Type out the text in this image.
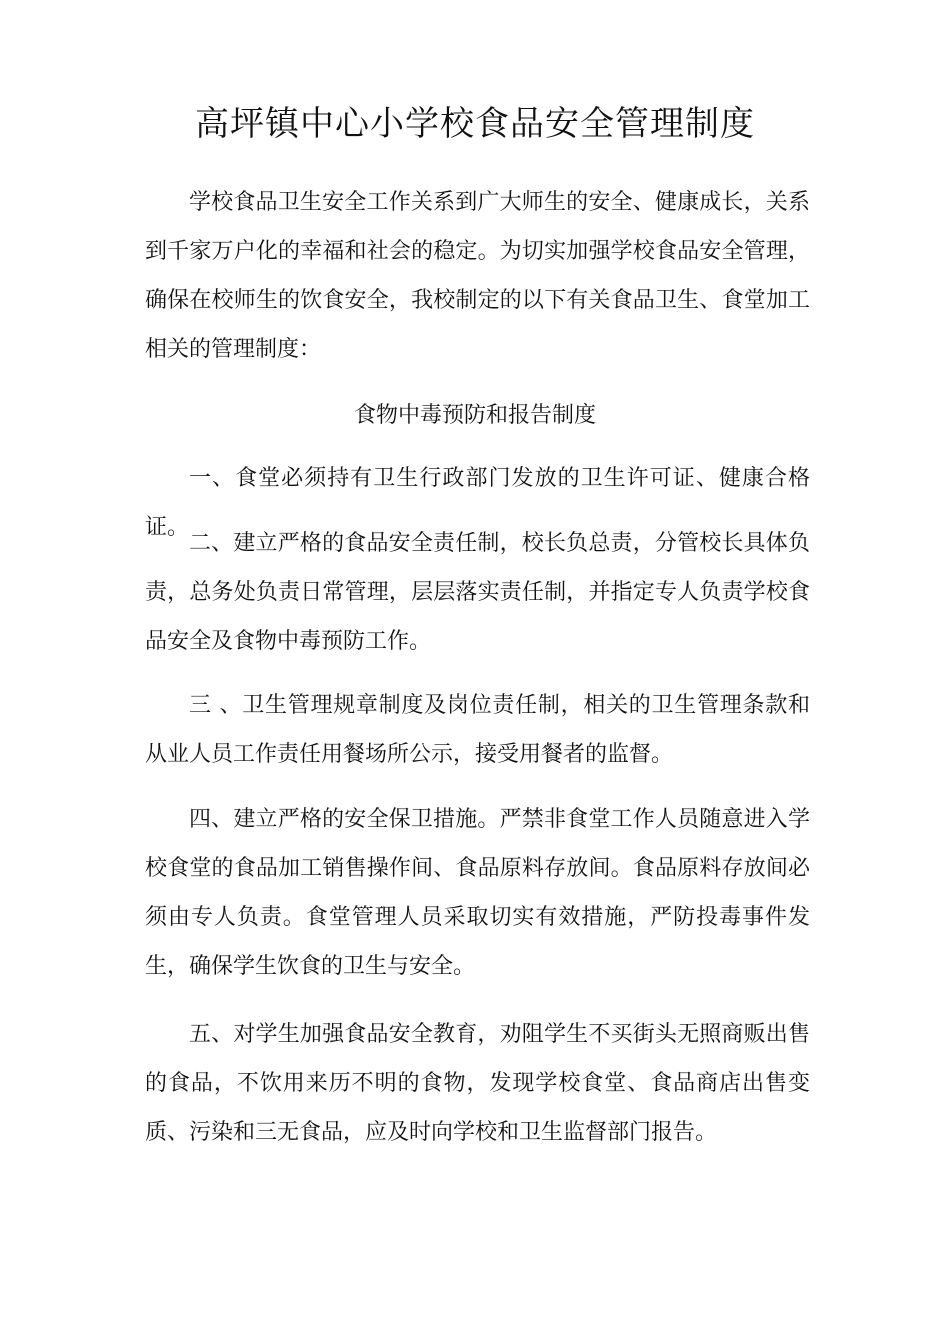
高坪镇中心小学校食品安全管理制度
学校食品卫生安全工作关系到广大师生的安全、健康成长，关系到千家万户化的幸福和社会的稳定。为切实加强学校食品安全管理，确保在校师生的饮食安全，我校制定的以下有关食品卫生、食堂加工相关的管理制度：
食物中毒预防和报告制度
一、食堂必须持有卫生行政部门发放的卫生许可证、健康合格证。
二、建立严格的食品安全责任制，校长负总责，分管校长具体负责，总务处负责日常管理，层层落实责任制，并指定专人负责学校食品安全及食物中毒预防工作。
三 、卫生管理规章制度及岗位责任制，相关的卫生管理条款和从业人员工作责任用餐场所公示，接受用餐者的监督。
四、建立严格的安全保卫措施。严禁非食堂工作人员随意进入学校食堂的食品加工销售操作间、食品原料存放间。食品原料存放间必须由专人负责。食堂管理人员采取切实有效措施，严防投毒事件发生，确保学生饮食的卫生与安全。
五、对学生加强食品安全教育，劝阻学生不买街头无照商贩出售的食品，不饮用来历不明的食物，发现学校食堂、食品商店出售变质、污染和三无食品，应及时向学校和卫生监督部门报告。
